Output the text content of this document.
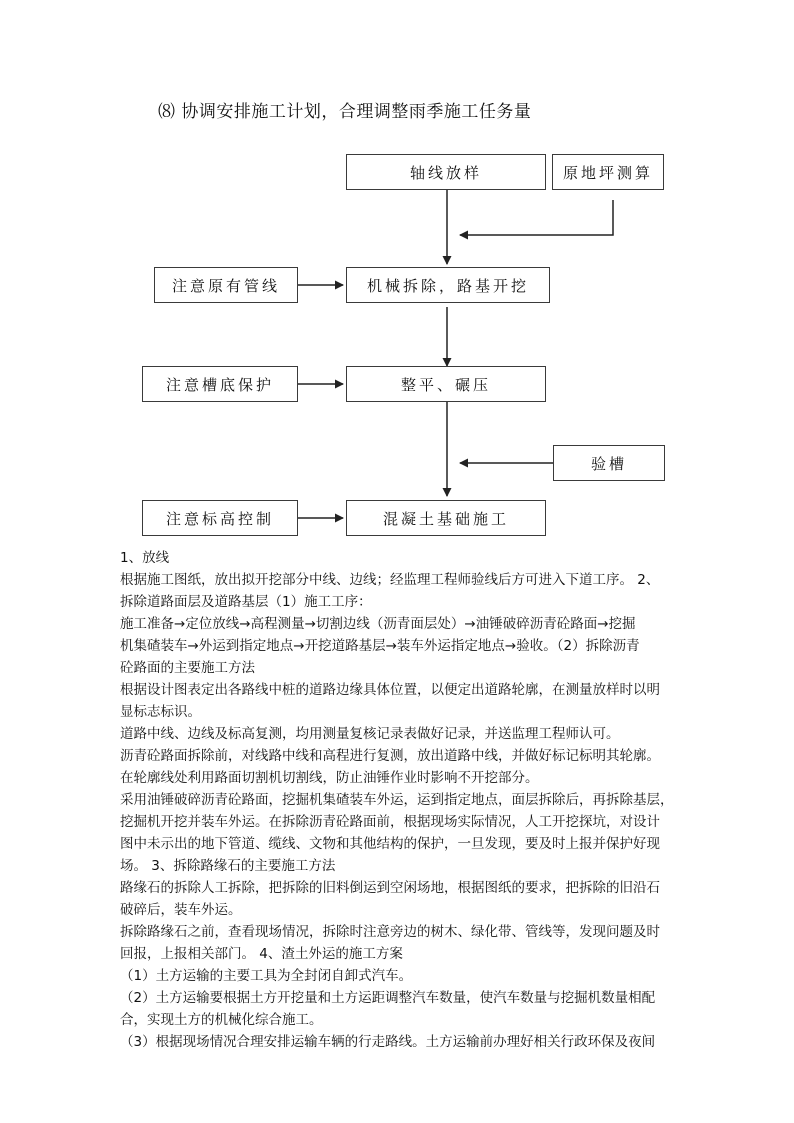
⑻ 协调安排施工计划，合理调整雨季施工任务量
轴线放样	原地坪测算
注意原有管线	机械拆除，路基开挖
注意槽底保护	整平、碾压
验槽
注意标高控制	混凝土基础施工

1、放线

根据施工图纸，放出拟开挖部分中线、边线；经监理工程师验线后方可进入下道工序。 2、

拆除道路面层及道路基层（1）施工工序：

施工准备→定位放线→高程测量→切割边线（沥青面层处）→油锤破碎沥青砼路面→挖掘

机集碴装车→外运到指定地点→开挖道路基层→装车外运指定地点→验收。（2）拆除沥青

砼路面的主要施工方法

根据设计图表定出各路线中桩的道路边缘具体位置，以便定出道路轮廓，在测量放样时以明

显标志标识。

道路中线、边线及标高复测，均用测量复核记录表做好记录，并送监理工程师认可。

沥青砼路面拆除前，对线路中线和高程进行复测，放出道路中线，并做好标记标明其轮廓。

在轮廓线处利用路面切割机切割线，防止油锤作业时影响不开挖部分。

采用油锤破碎沥青砼路面，挖掘机集碴装车外运，运到指定地点，面层拆除后，再拆除基层，

挖掘机开挖并装车外运。在拆除沥青砼路面前，根据现场实际情况，人工开挖探坑，对设计

图中未示出的地下管道、缆线、文物和其他结构的保护，一旦发现，要及时上报并保护好现

场。 3、拆除路缘石的主要施工方法

路缘石的拆除人工拆除，把拆除的旧料倒运到空闲场地，根据图纸的要求，把拆除的旧沿石

破碎后，装车外运。

拆除路缘石之前，查看现场情况，拆除时注意旁边的树木、绿化带、管线等，发现问题及时

回报，上报相关部门。 4、渣土外运的施工方案

（1）土方运输的主要工具为全封闭自卸式汽车。

（2）土方运输要根据土方开挖量和土方运距调整汽车数量，使汽车数量与挖掘机数量相配

合，实现土方的机械化综合施工。

（3）根据现场情况合理安排运输车辆的行走路线。土方运输前办理好相关行政环保及夜间
